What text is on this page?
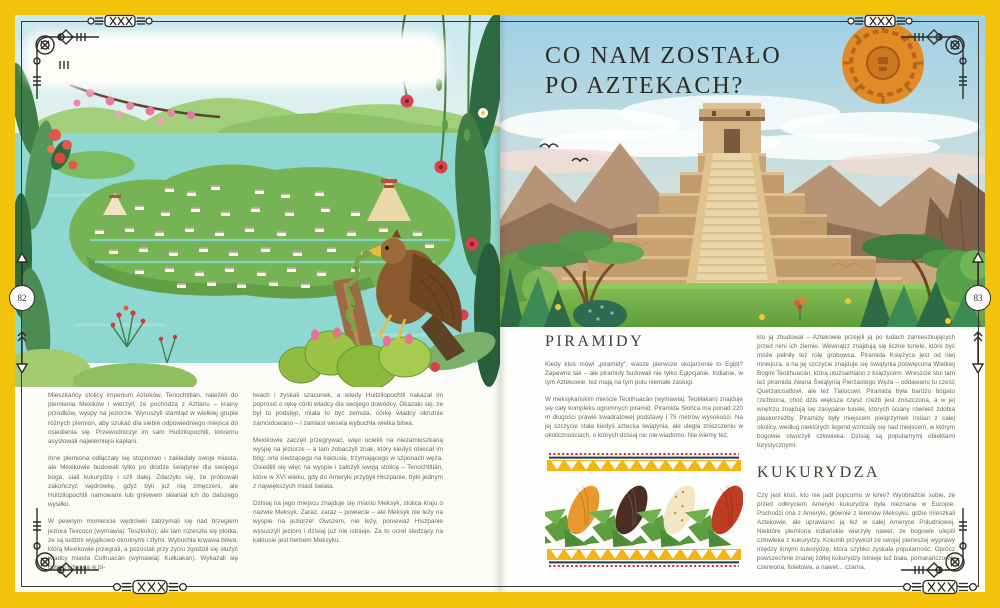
Mieszkańcy stolicy imperium Azteków, Tenochtitlán, należeli do plemienia Mexików i wierzyli, że pochodzą z Aztlanu – krainy przodków, wyspy na jeziorze. Wyruszyli stamtąd w wielkiej grupie różnych plemion, aby szukać dla siebie odpowiedniego miejsca do osiedlenia się. Przewodniczył im sam Huitzilopochtli, któremu asystowali najwierniejsi kapłani.

Inne plemiona odłączały się stopniowo i zakładały swoje miasta, ale Mexikowie budowali tylko po drodze świątynie dla swojego boga, siali kukurydzę i szli dalej. Zdarzyło się, że próbowali zakończyć wędrówkę, gdyż byli już nią zmęczeni, ale Huitzilopochtli namowami lub gniewem skłaniał ich do dalszego wysiłku.

W pewnym momencie wędrówki zatrzymali się nad brzegiem jeziora Texcoco (wymawiaj: Teszkoko), ale tam rozeszła się plotka, że są ludźmi wyjątkowo okrutnymi i złymi. Wybuchła krwawa bitwa, którą Mexikowie przegrali, a pozostali przy życiu zgodzili się służyć władcy miasta Culhuacán (wymawiaj: Kulłuakan). Wykazali się potem odwagą w bi-

twach i zyskali szacunek, a wtedy Huitzilopochtli nakazał im poprosić o rękę córki władcy dla swojego dowódcy. Okazało się, że był to podstęp, miała to być zemsta, córkę władcy okrutnie zamordowano – i zamiast wesela wybuchła wielka bitwa.

Mexikowie zaczęli przegrywać, więc uciekli na niezamieszkaną wyspę na jeziorze – a tam zobaczyli znak, który kiedyś obiecał im bóg: orła siedzącego na kaktusie, trzymającego w szponach węża. Osiedlili się więc na wyspie i założyli swoją stolicę – Tenochtitlán, które w XVI wieku, gdy do Ameryki przybyli Hiszpanie, było jednym z największych miast świata.

Dzisiaj na jego miejscu znajduje się miasto Meksyk, stolica kraju o nazwie Meksyk. Zaraz, zaraz – powiecie – ale Meksyk nie leży na wyspie na jeziorze! Owszem, nie leży, ponieważ Hiszpanie wysuszyli jezioro i dzisiaj już nie istnieje. Za to orzeł siedzący na kaktusie jest herbem Meksyku.

CO NAM ZOSTAŁO
PO AZTEKACH?
PIRAMIDY

Kiedy ktoś mówi „piramidy”, wasze pierwsze skojarzenie to Egipt? Zapewne tak – ale piramidy budowali nie tylko Egipcjanie. Indianie, w tym Aztekowie, też mają na tym polu niemałe zasługi.

W meksykańskim mieście Teotihuacán (wymawiaj: Teotiłakan) znajduje się cały kompleks ogromnych piramid. Piramida Słońca ma ponad 220 m długości prawie kwadratowej podstawy i 75 metrów wysokości. Na jej szczycie stała kiedyś aztecka świątynia, ale uległa zniszczeniu w okolicznościach, o których dzisiaj nic nie wiadomo. Nie wiemy też,

kto ją zbudował – Aztekowie przejęli ją po ludach zamieszkujących przed nimi ich ziemie. Wewnątrz znajdują się liczne tunele, które być może pełniły też rolę grobowca. Piramida Księżyca jest od niej mniejsza, a na jej szczycie znajduje się świątynia poświęcona Wielkiej Bogini Teotihuacán, którą utożsamiano z księżycem. Wreszcie stoi tam też piramida zwana Świątynią Pierzastego Węża – oddawano tu cześć Quetzalcoatlowi, ale też Tlalocowi. Piramida była bardzo bogato rzeźbiona, choć dziś większa część rzeźb jest zniszczona, a w jej wnętrzu znajdują się zasypane tunele, których ściany również zdobią płaskorzeźby. Piramidy były miejscem pielgrzymek Indian z całej okolicy, według niektórych legend wznosiły się nad miejscem, w którym bogowie stworzyli człowieka. Dzisiaj są popularnymi obiektami turystycznymi.

KUKURYDZA

Czy jest ktoś, kto nie jadł popcornu w kinie? Wyobraźcie sobie, że przed odkryciem Ameryki kukurydza była nieznana w Europie. Pochodzi ona z Ameryki, głównie z terenów Meksyku, gdzie mieszkali Aztekowie, ale uprawiano ją też w całej Ameryce Południowej. Niektóre plemiona indiańskie wierzyły nawet, że bogowie ulepili człowieka z kukurydzy. Kolumb przywiózł ze swojej pierwszej wyprawy między innymi kukurydzę, która szybko zyskała popularność. Oprócz powszechnie znanej żółtej kukurydzy istnieje też biała, pomarańczowa, czerwona, fioletowa, a nawet... czarna.

82	83
